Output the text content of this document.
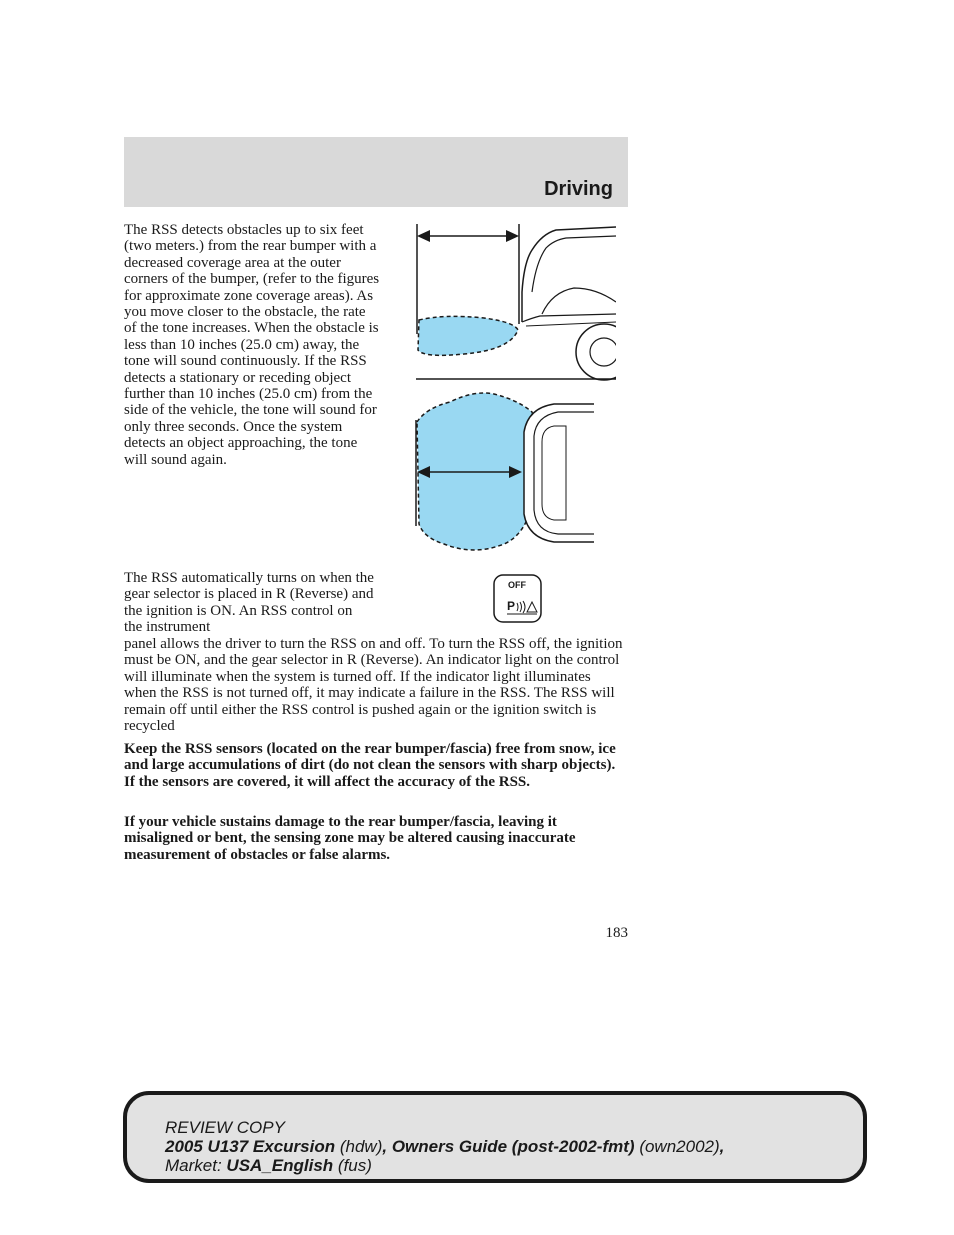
Driving
The RSS detects obstacles up to six feet (two meters.) from the rear bumper with a decreased coverage area at the outer corners of the bumper, (refer to the figures for approximate zone coverage areas). As you move closer to the obstacle, the rate of the tone increases. When the obstacle is less than 10 inches (25.0 cm) away, the tone will sound continuously. If the RSS detects a stationary or receding object further than 10 inches (25.0 cm) from the side of the vehicle, the tone will sound for only three seconds. Once the system detects an object approaching, the tone will sound again.
The RSS automatically turns on when the gear selector is placed in R (Reverse) and the ignition is ON. An RSS control on the instrument
OFF
P
panel allows the driver to turn the RSS on and off. To turn the RSS off, the ignition must be ON, and the gear selector in R (Reverse). An indicator light on the control will illuminate when the system is turned off. If the indicator light illuminates when the RSS is not turned off, it may indicate a failure in the RSS. The RSS will remain off until either the RSS control is pushed again or the ignition switch is recycled
Keep the RSS sensors (located on the rear bumper/fascia) free from snow, ice and large accumulations of dirt (do not clean the sensors with sharp objects). If the sensors are covered, it will affect the accuracy of the RSS.
If your vehicle sustains damage to the rear bumper/fascia, leaving it misaligned or bent, the sensing zone may be altered causing inaccurate measurement of obstacles or false alarms.
183
REVIEW COPY
2005 U137 Excursion (hdw), Owners Guide (post-2002-fmt) (own2002),
Market: USA_English (fus)
